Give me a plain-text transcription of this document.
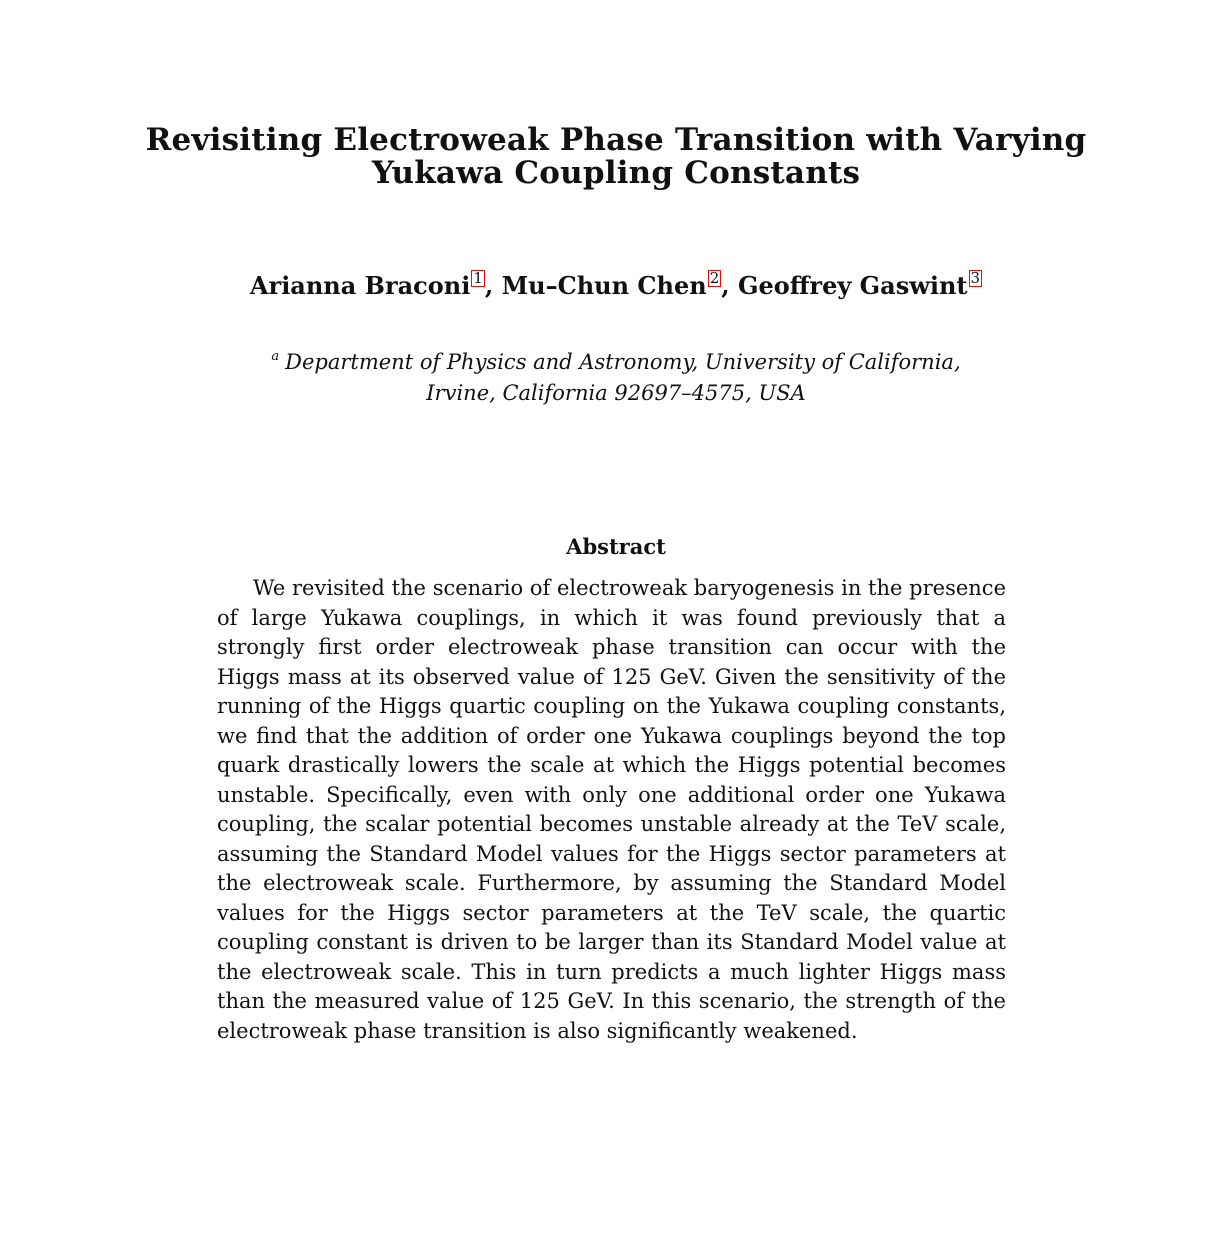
Revisiting Electroweak Phase Transition with Varying
Yukawa Coupling Constants
Arianna Braconi 1, Mu–Chun Chen 2, Geoffrey Gaswint 3
$^a$ Department of Physics and Astronomy, University of California,
Irvine, California 92697–4575, USA
Abstract

We revisited the scenario of electroweak baryogenesis in the presence of large Yukawa couplings, in which it was found previously that a strongly first order electroweak phase transition can occur with the Higgs mass at its observed value of 125 GeV. Given the sensitivity of the running of the Higgs quartic coupling on the Yukawa coupling constants, we find that the addition of order one Yukawa couplings beyond the top quark drastically lowers the scale at which the Higgs potential becomes unstable. Specifically, even with only one additional order one Yukawa coupling, the scalar potential becomes unstable already at the TeV scale, assuming the Standard Model values for the Higgs sector parameters at the electroweak scale. Furthermore, by assuming the Standard Model values for the Higgs sector parameters at the TeV scale, the quartic coupling constant is driven to be larger than its Standard Model value at the electroweak scale. This in turn predicts a much lighter Higgs mass than the measured value of 125 GeV. In this scenario, the strength of the electroweak phase transition is also significantly weakened.
